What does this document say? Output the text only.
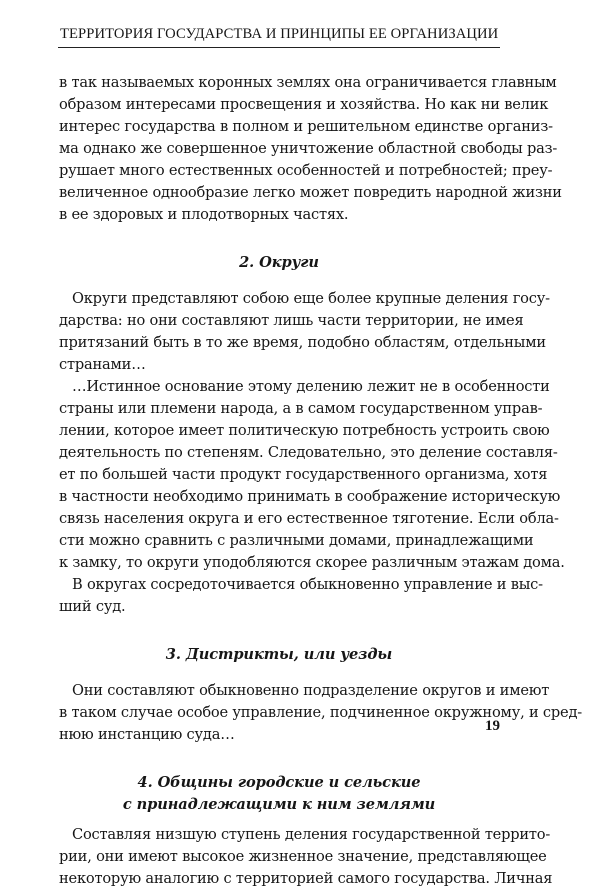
ТЕРРИТОРИЯ ГОСУДАРСТВА И ПРИНЦИПЫ ЕЕ ОРГАНИЗАЦИИ
в так называемых коронных землях она ограничивается главным
образом интересами просвещения и хозяйства. Но как ни велик
интерес государства в полном и решительном единстве организ-
ма однако же совершенное уничтожение областной свободы раз-
рушает много естественных особенностей и потребностей; преу-
величенное однообразие легко может повредить народной жизни
в ее здоровых и плодотворных частях.
2. Округи
Округи представляют собою еще более крупные деления госу-
дарства: но они составляют лишь части территории, не имея
притязаний быть в то же время, подобно областям, отдельными
странами…
…Истинное основание этому делению лежит не в особенности
страны или племени народа, а в самом государственном управ-
лении, которое имеет политическую потребность устроить свою
деятельность по степеням. Следовательно, это деление составля-
ет по большей части продукт государственного организма, хотя
в частности необходимо принимать в соображение историческую
связь населения округа и его естественное тяготение. Если обла-
сти можно сравнить с различными домами, принадлежащими
к замку, то округи уподобляются скорее различным этажам дома.
В округах сосредоточивается обыкновенно управление и выс-
ший суд.
3. Дистрикты, или уезды
Они составляют обыкновенно подразделение округов и имеют
в таком случае особое управление, подчиненное окружному, и сред-
нюю инстанцию суда…
4. Общины городские и сельские
с принадлежащими к ним землями
Составляя низшую ступень деления государственной террито-
рии, они имеют высокое жизненное значение, представляющее
некоторую аналогию с территорией самого государства. Личная

19
